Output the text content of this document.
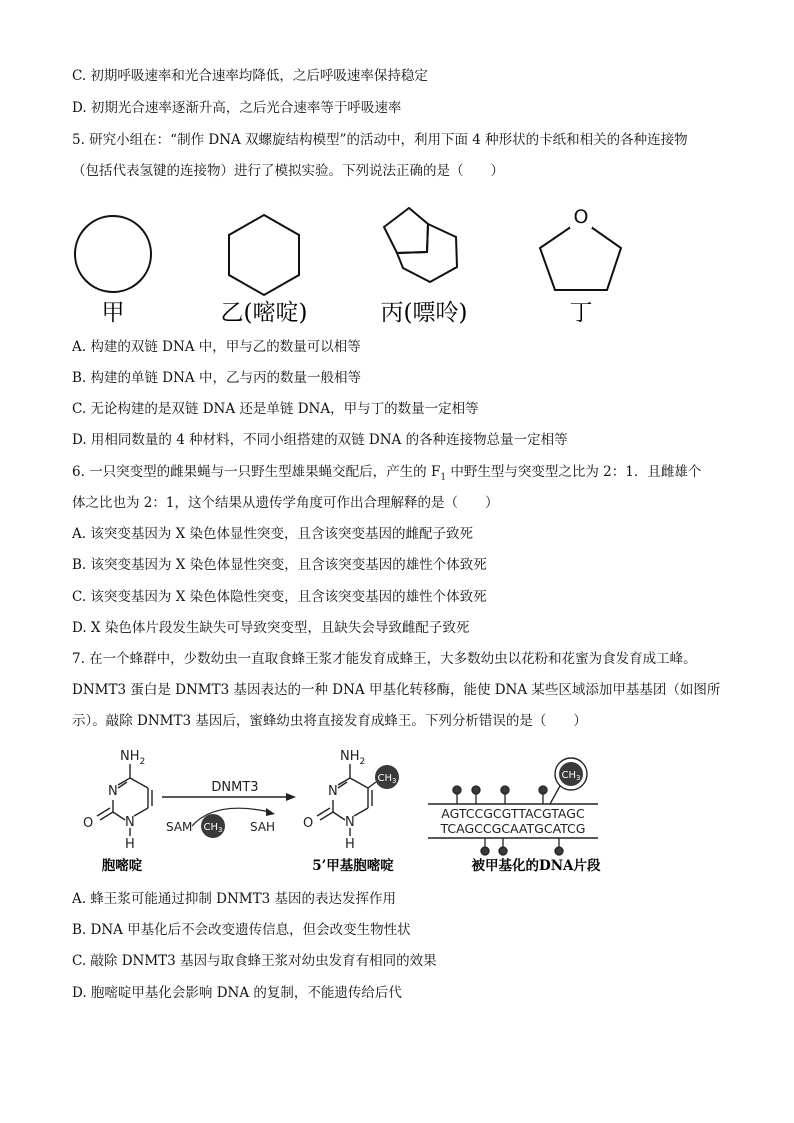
C. 初期呼吸速率和光合速率均降低，之后呼吸速率保持稳定
D. 初期光合速率逐渐升高，之后光合速率等于呼吸速率
5. 研究小组在：“制作 DNA 双螺旋结构模型”的活动中，利用下面 4 种形状的卡纸和相关的各种连接物
（包括代表氢键的连接物）进行了模拟实验。下列说法正确的是（　　）
O
甲	乙(嘧啶)	丙(嘌呤)	丁
A. 构建的双链 DNA 中，甲与乙的数量可以相等
B. 构建的单链 DNA 中，乙与丙的数量一般相等
C. 无论构建的是双链 DNA 还是单链 DNA，甲与丁的数量一定相等
D. 用相同数量的 4 种材料，不同小组搭建的双链 DNA 的各种连接物总量一定相等
6. 一只突变型的雌果蝇与一只野生型雄果蝇交配后，产生的 $F_1$ 中野生型与突变型之比为 2：1．且雌雄个
体之比也为 2：1，这个结果从遗传学角度可作出合理解释的是（　　）
A. 该突变基因为 X 染色体显性突变，且含该突变基因的雌配子致死
B. 该突变基因为 X 染色体显性突变，且含该突变基因的雄性个体致死
C. 该突变基因为 X 染色体隐性突变，且含该突变基因的雄性个体致死
D. X 染色体片段发生缺失可导致突变型，且缺失会导致雌配子致死
7. 在一个蜂群中，少数幼虫一直取食蜂王浆才能发育成蜂王，大多数幼虫以花粉和花蜜为食发育成工峰。
DNMT3 蛋白是 DNMT3 基因表达的一种 DNA 甲基化转移酶，能使 DNA 某些区域添加甲基基团（如图所
示）。敲除 DNMT3 基因后，蜜蜂幼虫将直接发育成蜂王。下列分析错误的是（　　）
$NH_2$
N
O N
H
DNMT3
SAM $CH_3$ SAH
$NH_2$
N
O N
H
$CH_3$	$CH_3$
AGTCCGCGTTACGTAGC
TCAGCCGCAATGCATCG
胞嘧啶	5’甲基胞嘧啶	被甲基化的DNA片段
A. 蜂王浆可能通过抑制 DNMT3 基因的表达发挥作用
B. DNA 甲基化后不会改变遗传信息，但会改变生物性状
C. 敲除 DNMT3 基因与取食蜂王浆对幼虫发育有相同的效果
D. 胞嘧啶甲基化会影响 DNA 的复制，不能遗传给后代
